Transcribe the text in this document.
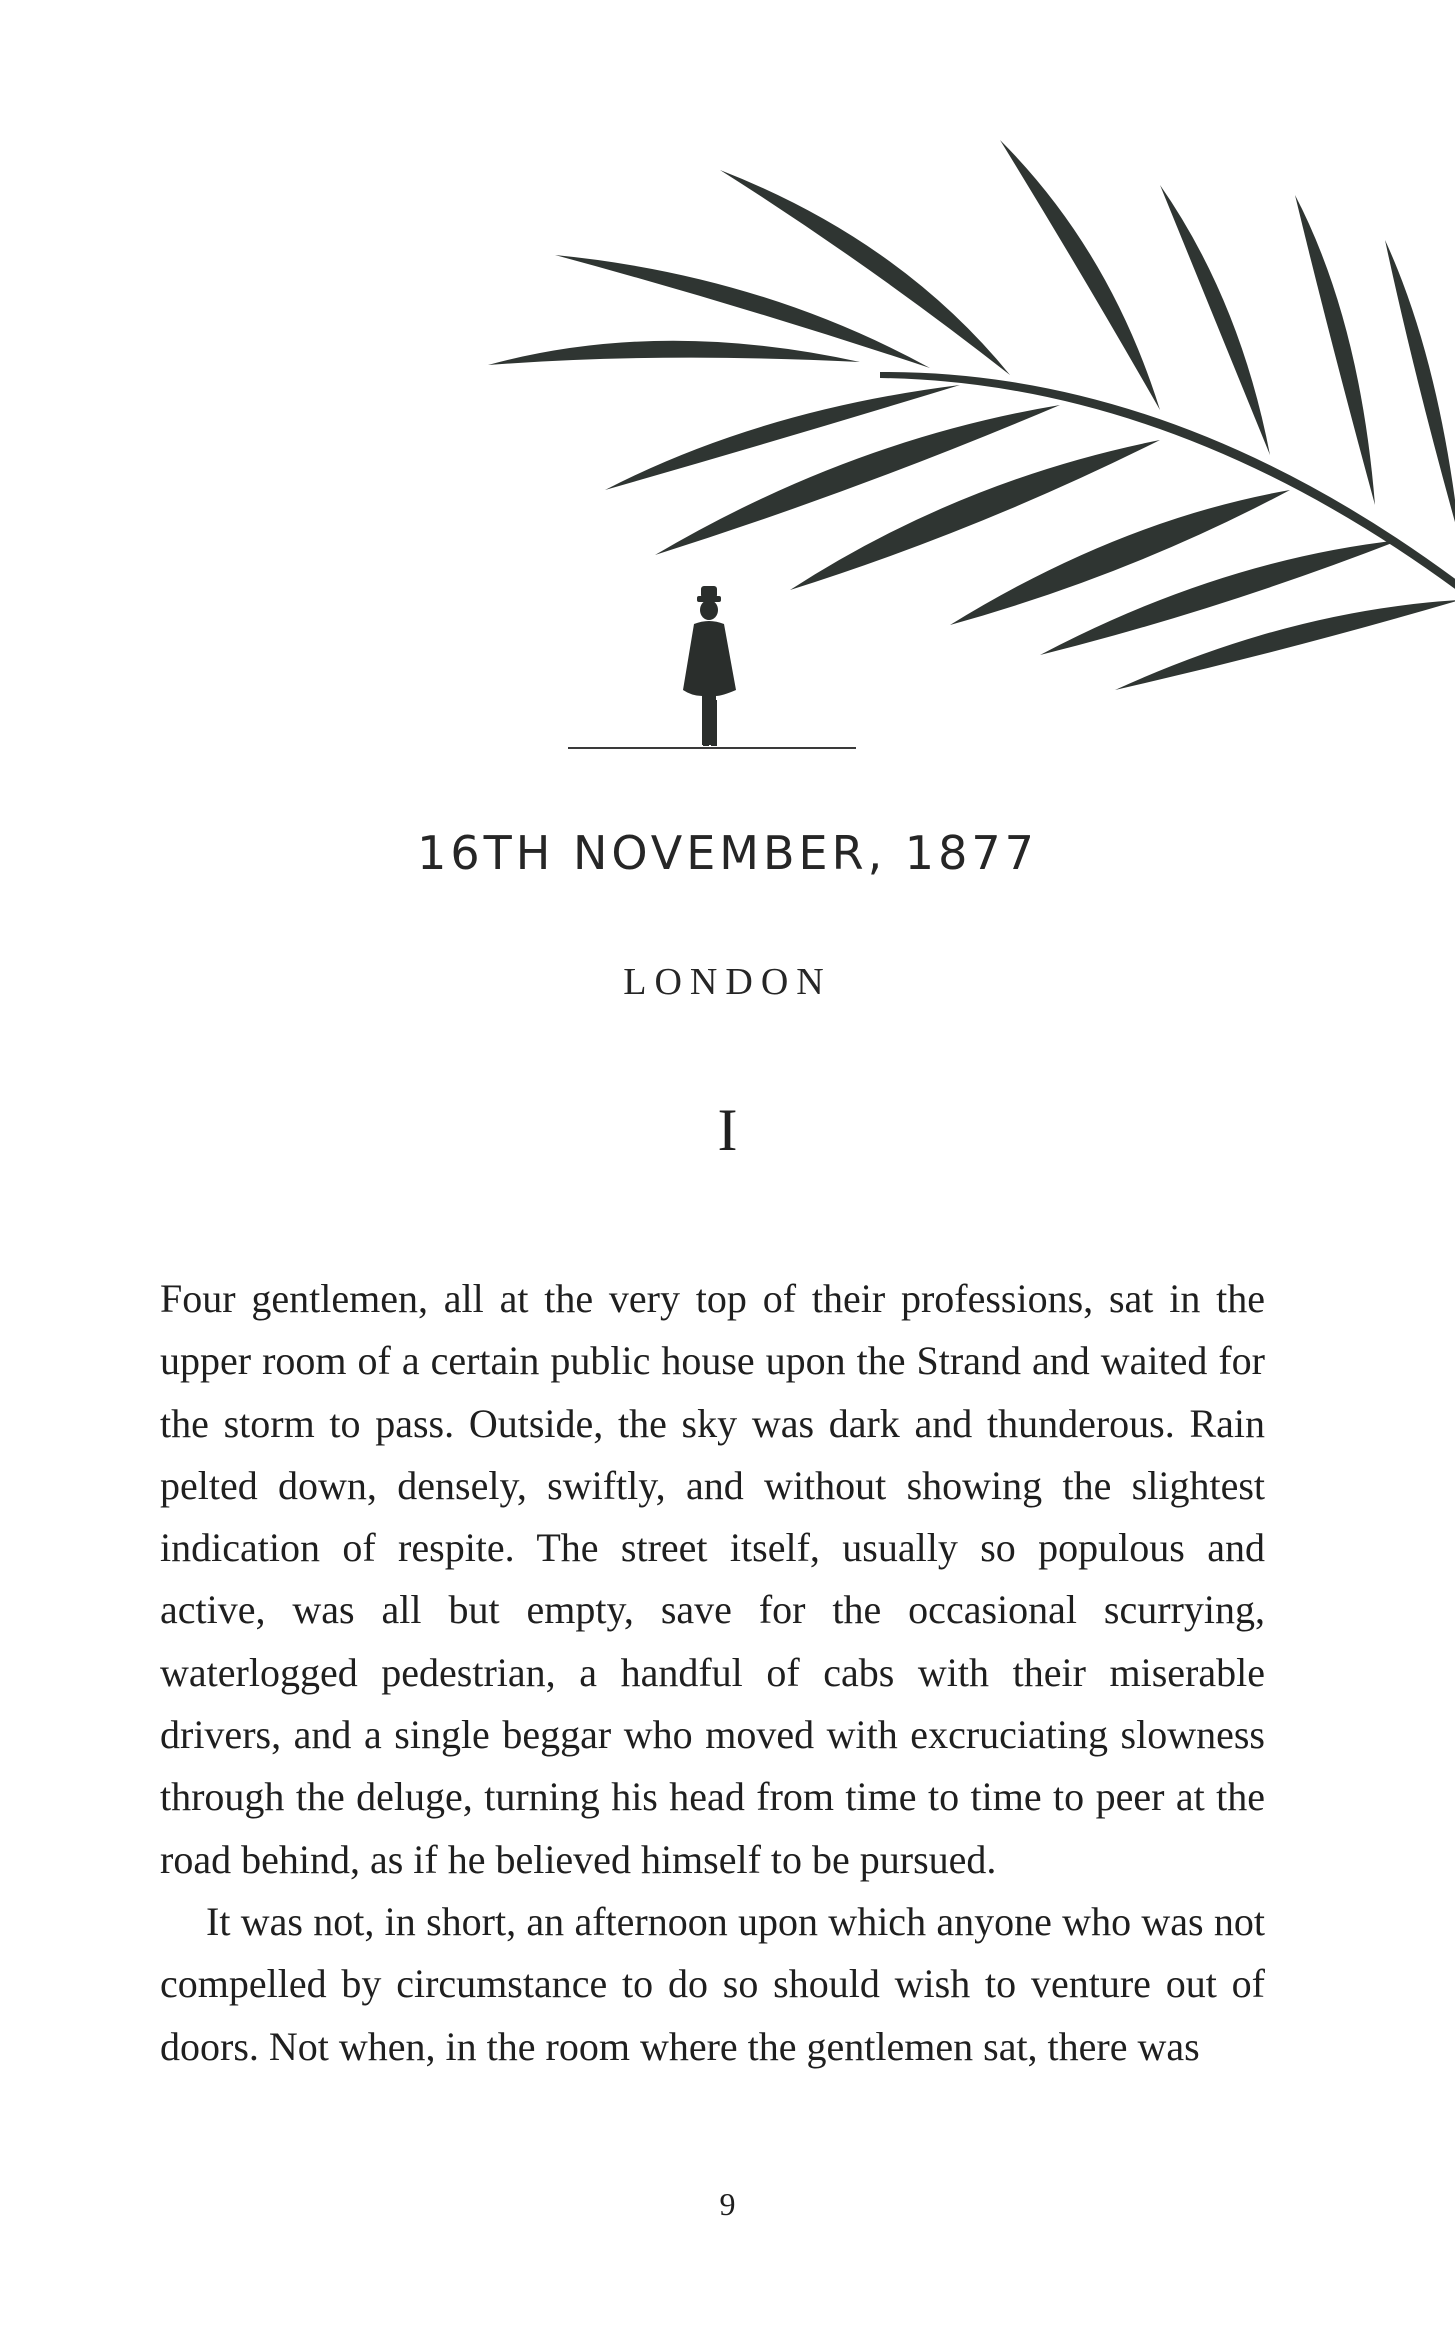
16TH NOVEMBER, 1877
LONDON
I

Four gentlemen, all at the very top of their professions, sat in the upper room of a certain public house upon the Strand and waited for the storm to pass. Outside, the sky was dark and thunderous. Rain pelted down, densely, swiftly, and without showing the slightest indication of respite. The street itself, usually so populous and active, was all but empty, save for the occasional scurrying, waterlogged pedestrian, a handful of cabs with their miserable drivers, and a single beggar who moved with excruciating slowness through the deluge, turning his head from time to time to peer at the road behind, as if he believed himself to be pursued.

It was not, in short, an afternoon upon which anyone who was not compelled by circumstance to do so should wish to venture out of doors. Not when, in the room where the gentlemen sat, there was

9
